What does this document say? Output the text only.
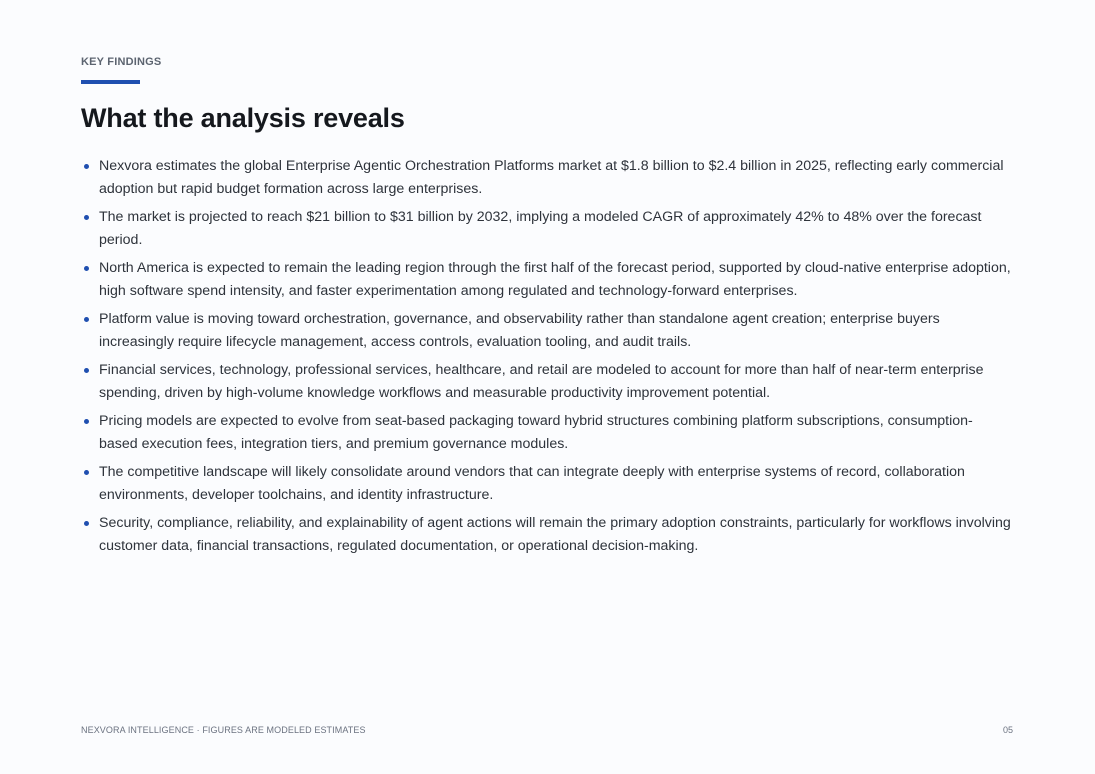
KEY FINDINGS
What the analysis reveals
Nexvora estimates the global Enterprise Agentic Orchestration Platforms market at $1.8 billion to $2.4 billion in 2025, reflecting early commercial adoption but rapid budget formation across large enterprises.
The market is projected to reach $21 billion to $31 billion by 2032, implying a modeled CAGR of approximately 42% to 48% over the forecast period.
North America is expected to remain the leading region through the first half of the forecast period, supported by cloud-native enterprise adoption, high software spend intensity, and faster experimentation among regulated and technology-forward enterprises.
Platform value is moving toward orchestration, governance, and observability rather than standalone agent creation; enterprise buyers increasingly require lifecycle management, access controls, evaluation tooling, and audit trails.
Financial services, technology, professional services, healthcare, and retail are modeled to account for more than half of near-term enterprise spending, driven by high-volume knowledge workflows and measurable productivity improvement potential.
Pricing models are expected to evolve from seat-based packaging toward hybrid structures combining platform subscriptions, consumption-based execution fees, integration tiers, and premium governance modules.
The competitive landscape will likely consolidate around vendors that can integrate deeply with enterprise systems of record, collaboration environments, developer toolchains, and identity infrastructure.
Security, compliance, reliability, and explainability of agent actions will remain the primary adoption constraints, particularly for workflows involving customer data, financial transactions, regulated documentation, or operational decision-making.
NEXVORA INTELLIGENCE · FIGURES ARE MODELED ESTIMATES	05
